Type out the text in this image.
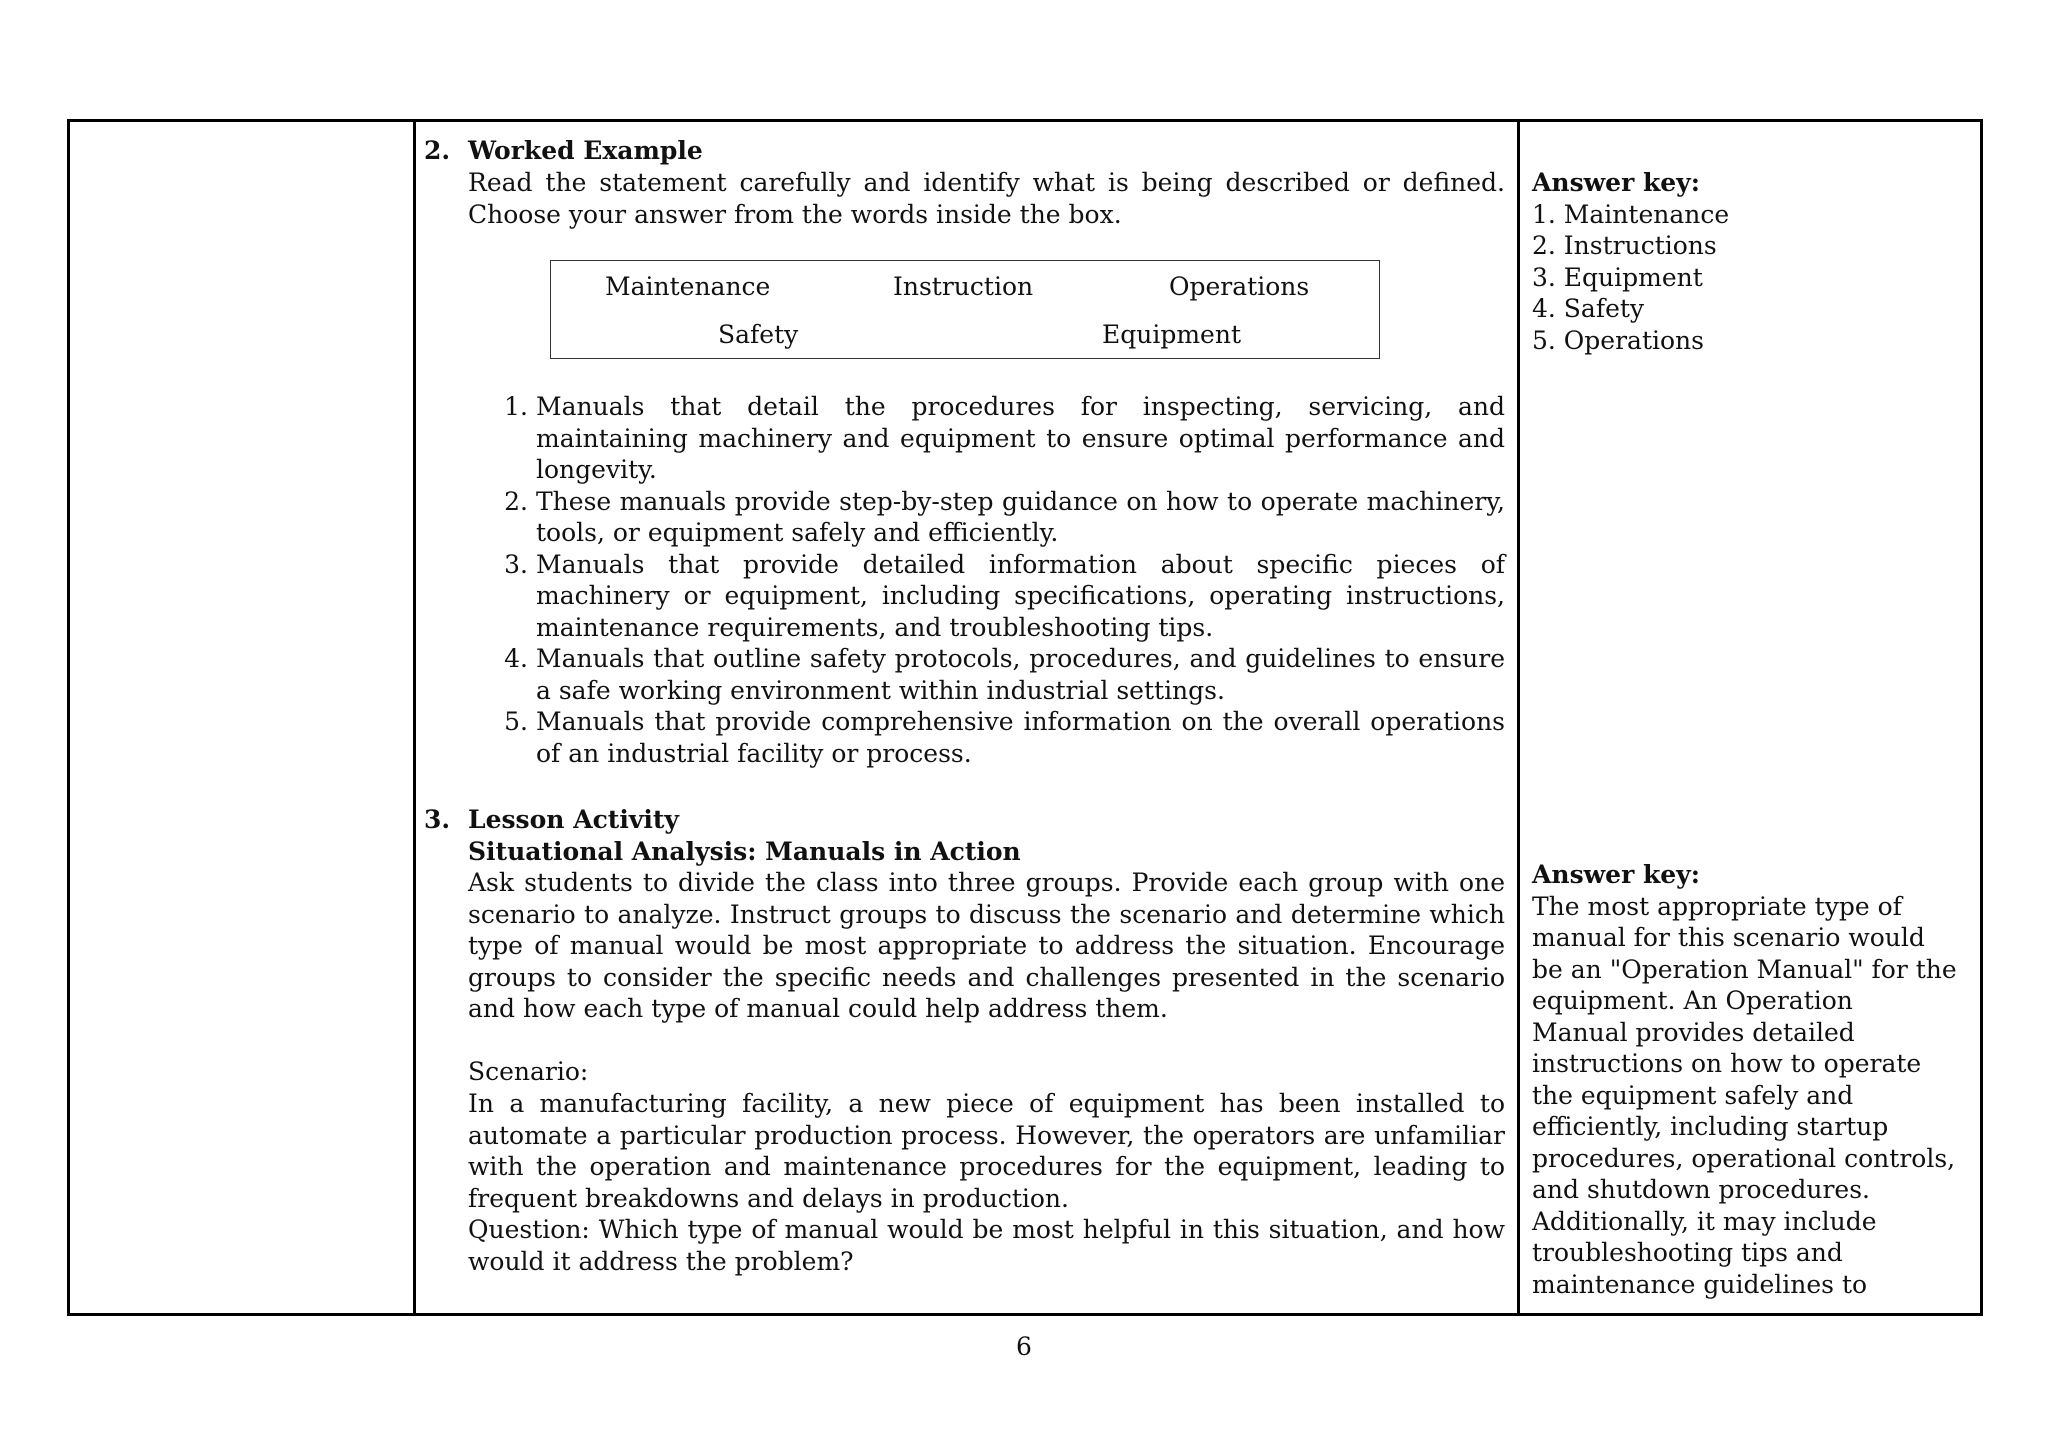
2. Worked Example
Read the statement carefully and identify what is being described or defined. Choose your answer from the words inside the box.
Maintenance	Instruction	Operations
Safety	Equipment
1. Manuals that detail the procedures for inspecting, servicing, and maintaining machinery and equipment to ensure optimal performance and longevity.
2. These manuals provide step-by-step guidance on how to operate machinery, tools, or equipment safely and efficiently.
3. Manuals that provide detailed information about specific pieces of machinery or equipment, including specifications, operating instructions, maintenance requirements, and troubleshooting tips.
4. Manuals that outline safety protocols, procedures, and guidelines to ensure a safe working environment within industrial settings.
5. Manuals that provide comprehensive information on the overall operations of an industrial facility or process.
3. Lesson Activity
Situational Analysis: Manuals in Action
Ask students to divide the class into three groups. Provide each group with one scenario to analyze. Instruct groups to discuss the scenario and determine which type of manual would be most appropriate to address the situation. Encourage groups to consider the specific needs and challenges presented in the scenario and how each type of manual could help address them.
Scenario:
In a manufacturing facility, a new piece of equipment has been installed to automate a particular production process. However, the operators are unfamiliar with the operation and maintenance procedures for the equipment, leading to frequent breakdowns and delays in production.
Question: Which type of manual would be most helpful in this situation, and how would it address the problem?
Answer key:
1. Maintenance
2. Instructions
3. Equipment
4. Safety
5. Operations
Answer key:
The most appropriate type of
manual for this scenario would
be an "Operation Manual" for the
equipment. An Operation
Manual provides detailed
instructions on how to operate
the equipment safely and
efficiently, including startup
procedures, operational controls,
and shutdown procedures.
Additionally, it may include
troubleshooting tips and
maintenance guidelines to
6
